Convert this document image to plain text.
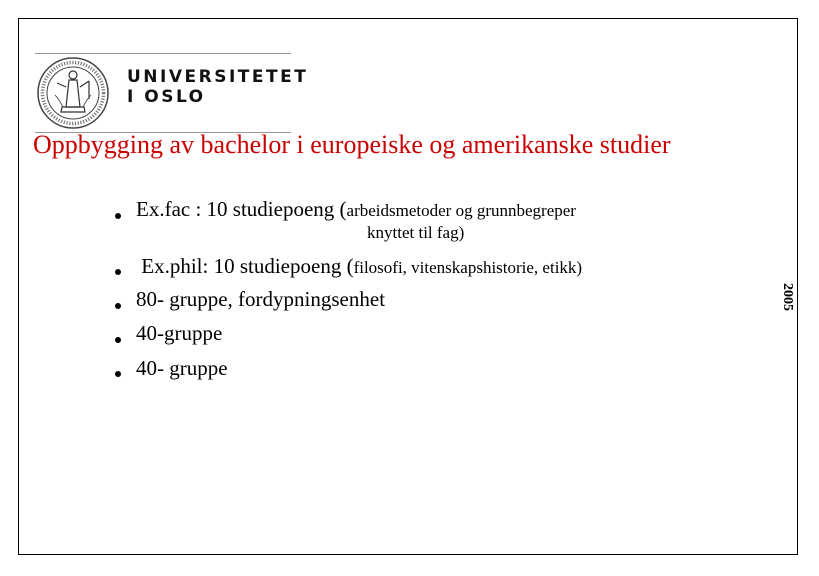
UNIVERSITETET
I OSLO
Oppbygging av bachelor i europeiske og amerikanske studier
Ex.fac : 10 studiepoeng (arbeidsmetoder og grunnbegreper
knyttet til fag)
Ex.phil: 10 studiepoeng (filosofi, vitenskapshistorie, etikk)
80- gruppe, fordypningsenhet
40-gruppe
40- gruppe
2005
